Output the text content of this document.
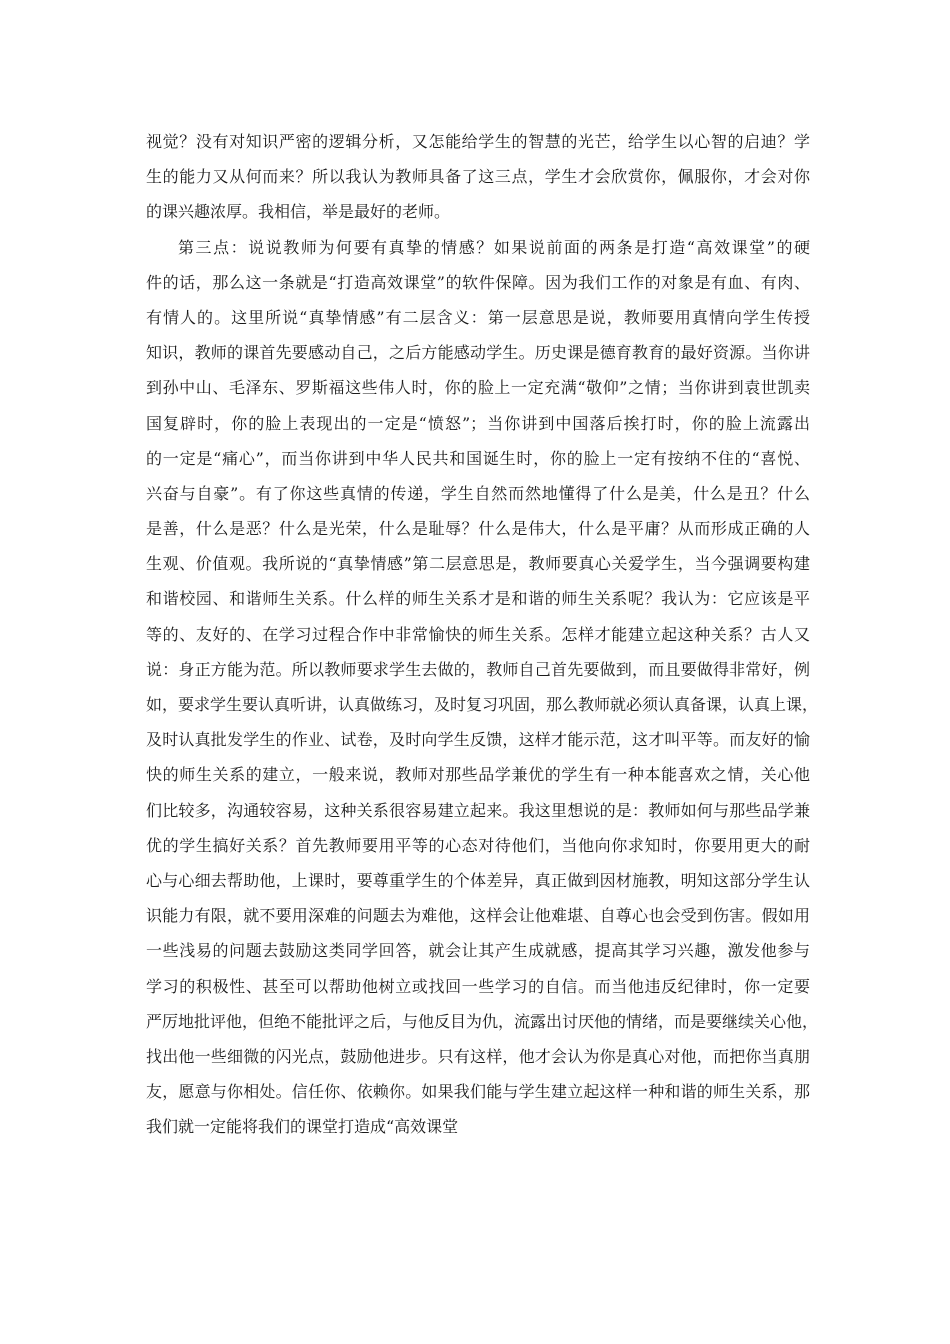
视觉？没有对知识严密的逻辑分析，又怎能给学生的智慧的光芒，给学生以心智的启迪？学
生的能力又从何而来？所以我认为教师具备了这三点，学生才会欣赏你，佩服你，才会对你
的课兴趣浓厚。我相信，举是最好的老师。
第三点：说说教师为何要有真挚的情感？如果说前面的两条是打造“高效课堂”的硬
件的话，那么这一条就是“打造高效课堂”的软件保障。因为我们工作的对象是有血、有肉、
有情人的。这里所说“真挚情感”有二层含义：第一层意思是说，教师要用真情向学生传授
知识，教师的课首先要感动自己，之后方能感动学生。历史课是德育教育的最好资源。当你讲
到孙中山、毛泽东、罗斯福这些伟人时，你的脸上一定充满“敬仰”之情；当你讲到袁世凯卖
国复辟时，你的脸上表现出的一定是“愤怒”；当你讲到中国落后挨打时，你的脸上流露出
的一定是“痛心”，而当你讲到中华人民共和国诞生时，你的脸上一定有按纳不住的“喜悦、
兴奋与自豪”。有了你这些真情的传递，学生自然而然地懂得了什么是美，什么是丑？什么
是善，什么是恶？什么是光荣，什么是耻辱？什么是伟大，什么是平庸？从而形成正确的人
生观、价值观。我所说的“真挚情感”第二层意思是，教师要真心关爱学生，当今强调要构建
和谐校园、和谐师生关系。什么样的师生关系才是和谐的师生关系呢？我认为：它应该是平
等的、友好的、在学习过程合作中非常愉快的师生关系。怎样才能建立起这种关系？古人又
说：身正方能为范。所以教师要求学生去做的，教师自己首先要做到，而且要做得非常好，例
如，要求学生要认真听讲，认真做练习，及时复习巩固，那么教师就必须认真备课，认真上课，
及时认真批发学生的作业、试卷，及时向学生反馈，这样才能示范，这才叫平等。而友好的愉
快的师生关系的建立，一般来说，教师对那些品学兼优的学生有一种本能喜欢之情，关心他
们比较多，沟通较容易，这种关系很容易建立起来。我这里想说的是：教师如何与那些品学兼
优的学生搞好关系？首先教师要用平等的心态对待他们，当他向你求知时，你要用更大的耐
心与心细去帮助他，上课时，要尊重学生的个体差异，真正做到因材施教，明知这部分学生认
识能力有限，就不要用深难的问题去为难他，这样会让他难堪、自尊心也会受到伤害。假如用
一些浅易的问题去鼓励这类同学回答，就会让其产生成就感，提高其学习兴趣，激发他参与
学习的积极性、甚至可以帮助他树立或找回一些学习的自信。而当他违反纪律时，你一定要
严厉地批评他，但绝不能批评之后，与他反目为仇，流露出讨厌他的情绪，而是要继续关心他，
找出他一些细微的闪光点，鼓励他进步。只有这样，他才会认为你是真心对他，而把你当真朋
友，愿意与你相处。信任你、依赖你。如果我们能与学生建立起这样一种和谐的师生关系，那
我们就一定能将我们的课堂打造成“高效课堂
